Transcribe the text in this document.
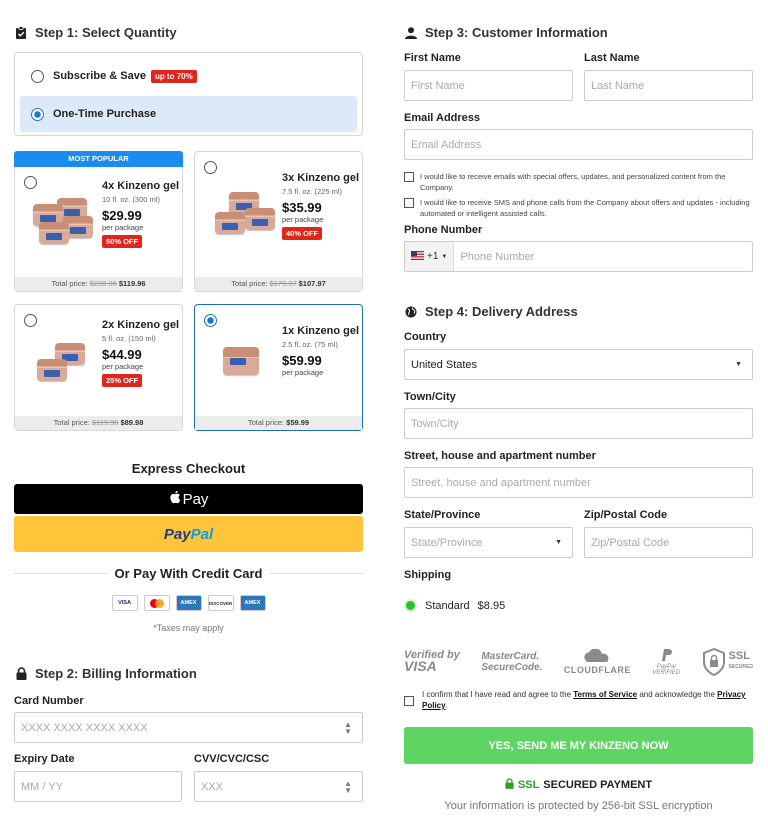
Step 1: Select Quantity
Subscribe & Save	up to 70%
One-Time Purchase
MOST POPULAR
4x Kinzeno gel
10 fl. oz. (300 ml)
$29.99
per package
50% OFF
Total price: $239.96 $119.96
3x Kinzeno gel
7.5 fl. oz. (225 ml)
$35.99
per package
40% OFF
Total price: $179.97 $107.97
2x Kinzeno gel
5 fl. oz. (150 ml)
$44.99
per package
25% OFF
Total price: $119.98 $89.98
1x Kinzeno gel
2.5 fl. oz. (75 ml)
$59.99
per package
Total price: $59.99
Express Checkout
Pay
Pay Pal
Or Pay With Credit Card
VISA	AMEX	DISCOVER	AMEX
*Taxes may apply
Step 2: Billing Information
Card Number
XXXX XXXX XXXX XXXX	▲
▼
Expiry Date
MM / YY
CVV/CVC/CSC
XXX	▲
▼
Step 3: Customer Information
First Name
First Name
Last Name
Last Name
Email Address
Email Address
I would like to receive emails with special offers, updates, and personalized content from the Company.
I would like to receive SMS and phone calls from the Company about offers and updates - including automated or intelligent assisted calls.
Phone Number
+1 ▼	Phone Number
Step 4: Delivery Address
Country
United States	▼
Town/City
Town/City
Street, house and apartment number
Street, house and apartment number
State/Province
State/Province	▼
Zip/Postal Code
Zip/Postal Code
Shipping
Standard $8.95
Verified by
VISA
MasterCard.
SecureCode. CLOUDFLARE	PayPal
VERIFIED
SSL
SECURED
I confirm that I have read and agree to the Terms of Service and acknowledge the Privacy Policy.
YES, SEND ME MY KINZENO NOW
SSL SECURED PAYMENT
Your information is protected by 256-bit SSL encryption
